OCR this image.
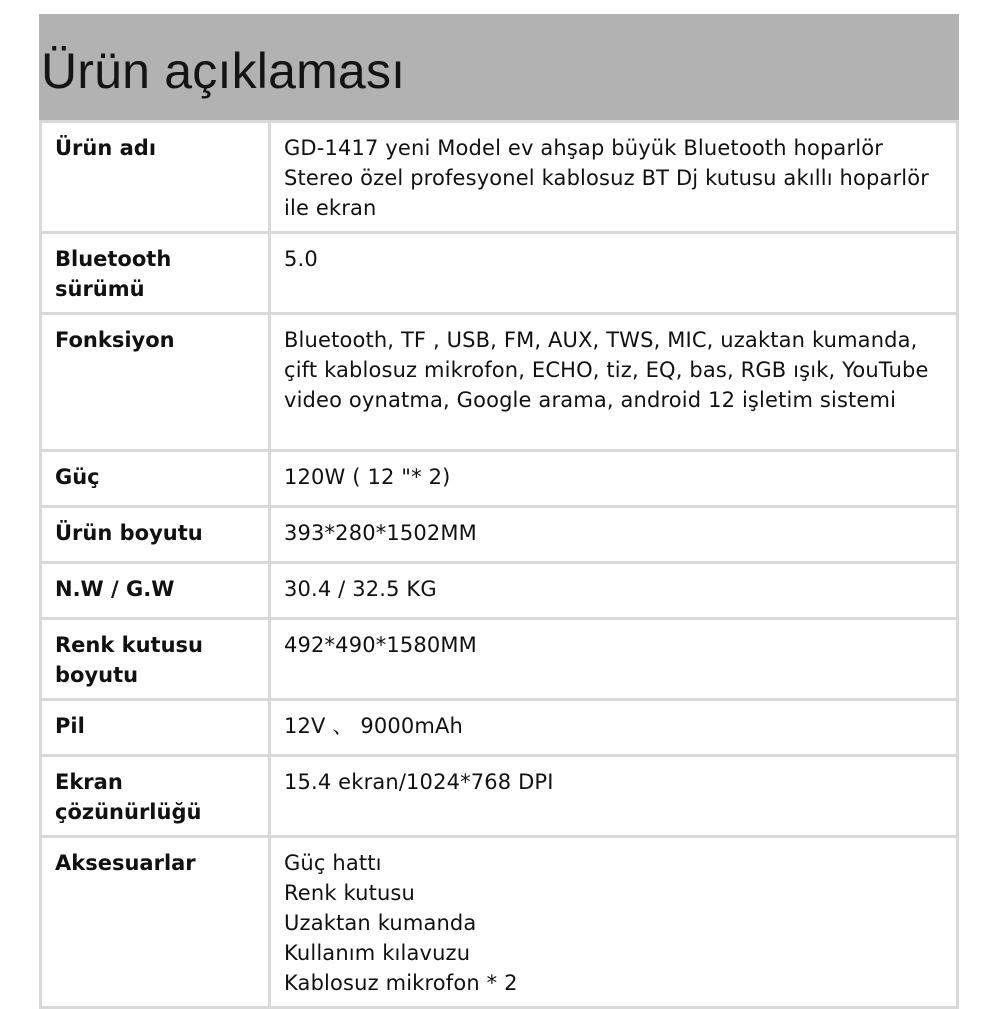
Ürün açıklaması
Ürün adı	GD-1417 yeni Model ev ahşap büyük Bluetooth hoparlör Stereo özel profesyonel kablosuz BT Dj kutusu akıllı hoparlör ile ekran
Bluetooth sürümü	5.0
Fonksiyon	Bluetooth, TF , USB, FM, AUX, TWS, MIC, uzaktan kumanda, çift kablosuz mikrofon, ECHO, tiz, EQ, bas, RGB ışık, YouTube video oynatma, Google arama, android 12 işletim sistemi
Güç	120W ( 12 "* 2)
Ürün boyutu	393*280*1502MM
N.W / G.W	30.4 / 32.5 KG
Renk kutusu boyutu	492*490*1580MM
Pil	12V 、 9000mAh
Ekran çözünürlüğü	15.4 ekran/1024*768 DPI
Aksesuarlar	Güç hattı
Renk kutusu
Uzaktan kumanda
Kullanım kılavuzu
Kablosuz mikrofon * 2
